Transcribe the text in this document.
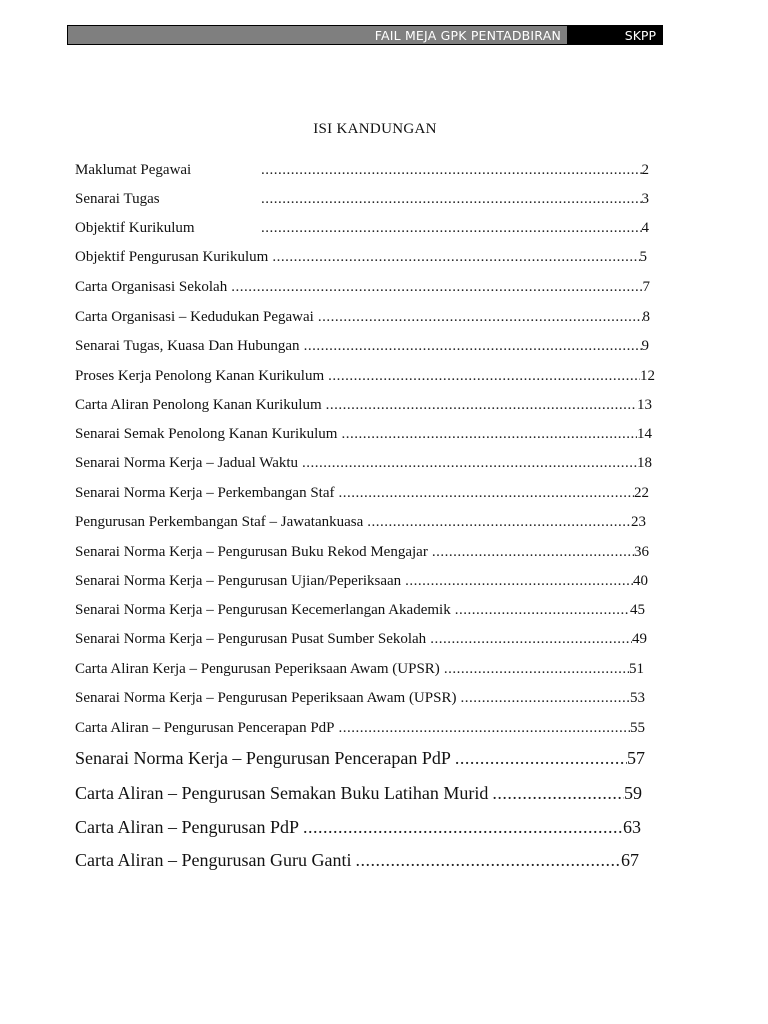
FAIL MEJA GPK PENTADBIRAN	SKPP
ISI KANDUNGAN
Maklumat Pegawai .....	2
Senarai Tugas .....	3
Objektif Kurikulum .....	4
Objektif Pengurusan Kurikulum .....	5
Carta Organisasi Sekolah .....	7
Carta Organisasi – Kedudukan Pegawai .....	8
Senarai Tugas, Kuasa Dan Hubungan .....	9
Proses Kerja Penolong Kanan Kurikulum .....	12
Carta Aliran Penolong Kanan Kurikulum .....	13
Senarai Semak Penolong Kanan Kurikulum .....	14
Senarai Norma Kerja – Jadual Waktu .....	18
Senarai Norma Kerja – Perkembangan Staf .....	22
Pengurusan Perkembangan Staf – Jawatankuasa .....	23
Senarai Norma Kerja – Pengurusan Buku Rekod Mengajar .....	36
Senarai Norma Kerja – Pengurusan Ujian/Peperiksaan .....	40
Senarai Norma Kerja – Pengurusan Kecemerlangan Akademik .....	45
Senarai Norma Kerja – Pengurusan Pusat Sumber Sekolah .....	49
Carta Aliran Kerja – Pengurusan Peperiksaan Awam (UPSR) .....	51
Senarai Norma Kerja – Pengurusan Peperiksaan Awam (UPSR) .....	53
Carta Aliran – Pengurusan Pencerapan PdP .....	55
Senarai Norma Kerja – Pengurusan Pencerapan PdP .....	57
Carta Aliran – Pengurusan Semakan Buku Latihan Murid .....	59
Carta Aliran – Pengurusan PdP .....	63
Carta Aliran – Pengurusan Guru Ganti .....	67
